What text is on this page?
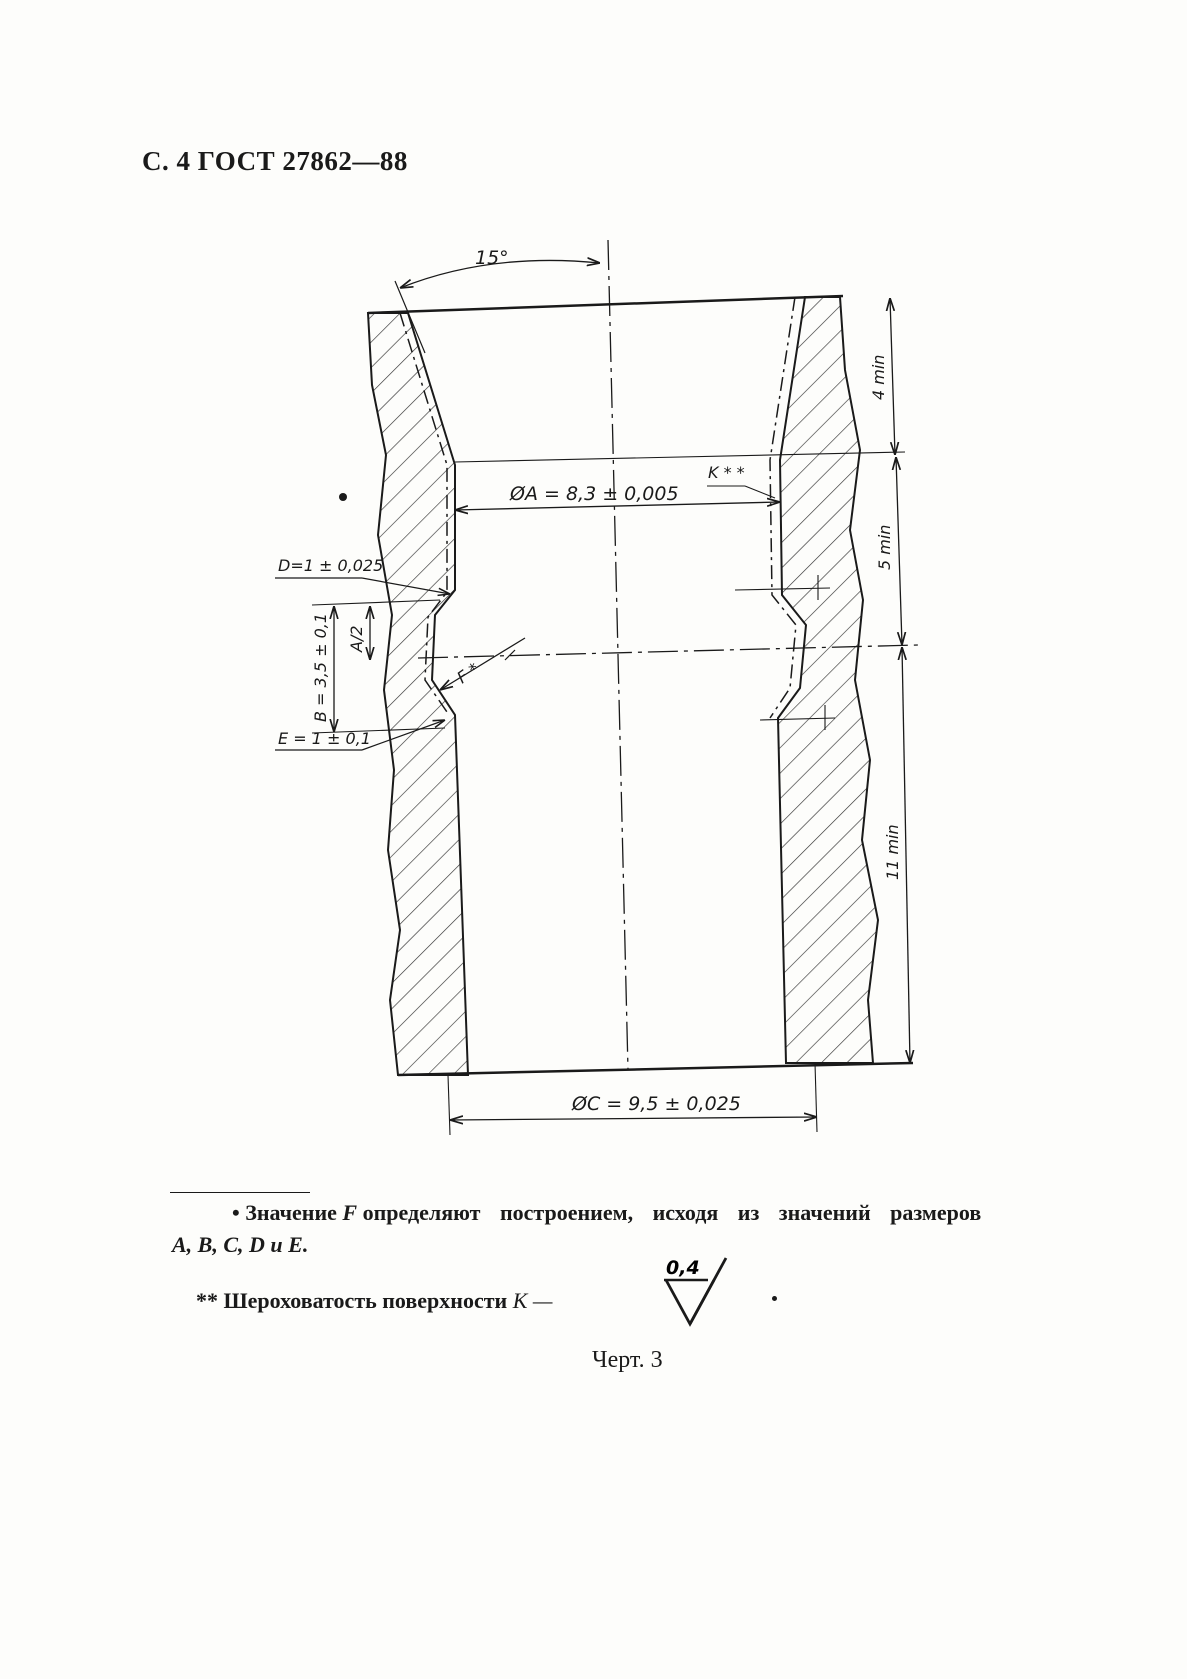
С. 4 ГОСТ 27862—88
15°
ØA = 8,3 ± 0,005
K * *
D=1 ± 0,025
E = 1 ± 0,1
B = 3,5 ± 0,1 A/2
F *
4 min
5 min
11 min
ØC = 9,5 ± 0,025
• Значение F определяют построением, исходя из значений размеров
A, B, C, D и E.
** Шероховатость поверхности K —
0,4
Черт. 3
